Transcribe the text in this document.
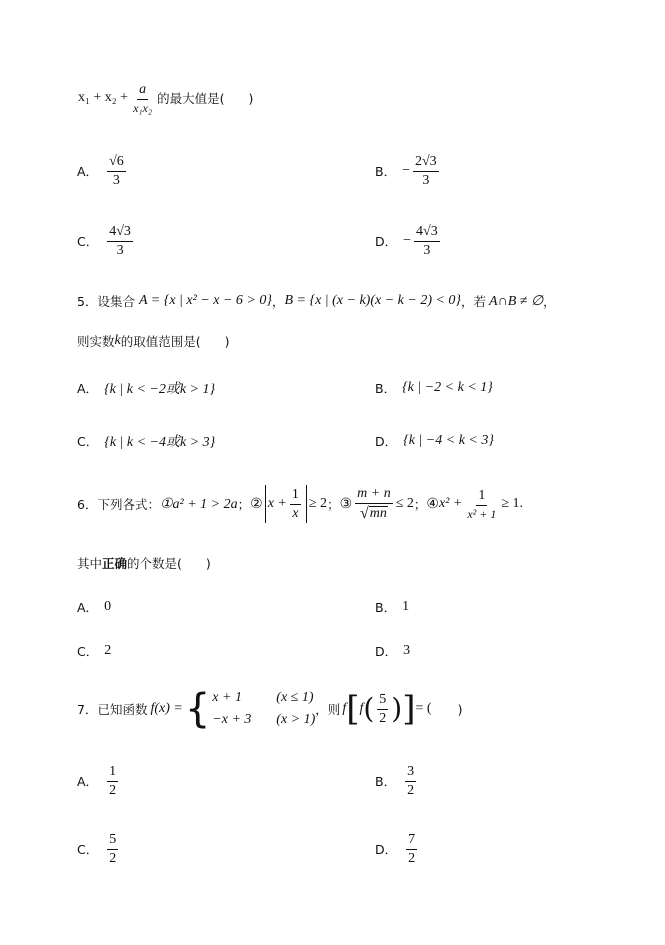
$x_1 + x_2 + \frac{a}{\text{x₁x₂}}$ 的最大值是( )
A． $\frac{√6}{3}$	B． − $\frac{2√3}{3}$
C． $\frac{4√3}{3}$	D． − $\frac{4√3}{3}$
5． 设集合 A = {x | x² − x − 6 > 0} ， B = {x | (x − k)(x − k − 2) < 0} ，若 A∩B ≠ ∅ ，
则实数 k 的取值范围是( )
A． {k | k < −2或k > 1}	B． {k | −2 < k < 1}
C． {k | k < −4或k > 3}	D． {k | −4 < k < 3}
6． 下列各式： ①a² + 1 > 2a ； ② $x + \frac{1}{x} \ge 2$ ； ③ $\frac{m + n}{√ mn} \le 2$ ； ④ $x^2 + \frac{1}{\text{x² + 1}} \ge 1$.
其中 正确 的个数是( )
A． 0	B． 1
C． 2	D． 3
7． 已知函数 f(x) = { x + 1	(x ≤ 1)
−x + 3	(x > 1)
，则 f [ f ( $\frac{5}{2}$ ) ] = ( )
A． $\frac{1}{2}$	B． $\frac{3}{2}$
C． $\frac{5}{2}$	D． $\frac{7}{2}$
